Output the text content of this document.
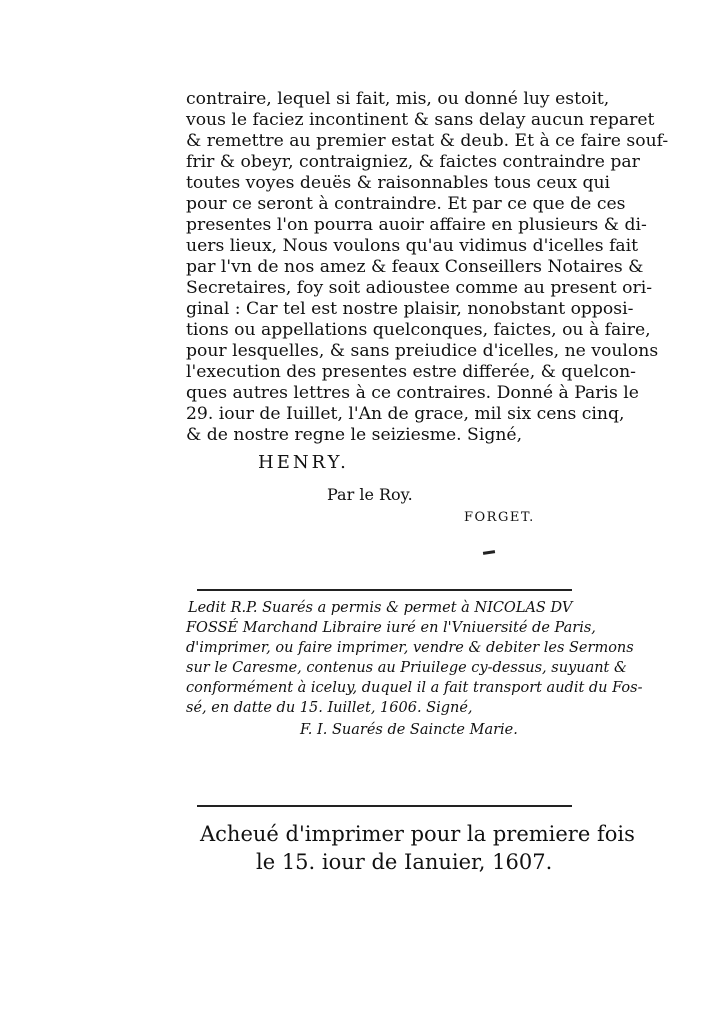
contraire, lequel si fait, mis, ou donné luy estoit,
vous le faciez incontinent & sans delay aucun reparet
& remettre au premier estat & deub. Et à ce faire souf-
frir & obeyr, contraigniez, & faictes contraindre par
toutes voyes deuës & raisonnables tous ceux qui
pour ce seront à contraindre. Et par ce que de ces
presentes l'on pourra auoir affaire en plusieurs & di-
uers lieux, Nous voulons qu'au vidimus d'icelles fait
par l'vn de nos amez & feaux Conseillers Notaires &
Secretaires, foy soit adioustee comme au present ori-
ginal : Car tel est nostre plaisir, nonobstant opposi-
tions ou appellations quelconques, faictes, ou à faire,
pour lesquelles, & sans preiudice d'icelles, ne voulons
l'execution des presentes estre differée, & quelcon-
ques autres lettres à ce contraires. Donné à Paris le
29. iour de Iuillet, l'An de grace, mil six cens cinq,
& de nostre regne le seiziesme. Signé,
HENRY.
Par le Roy.
FORGET.
Ledit R.P. Suarés a permis & permet à NICOLAS DV
FOSSÉ Marchand Libraire iuré en l'Vniuersité de Paris,
d'imprimer, ou faire imprimer, vendre & debiter les Sermons
sur le Caresme, contenus au Priuilege cy-dessus, suyuant &
conformément à iceluy, duquel il a fait transport audit du Fos-
sé, en datte du 15. Iuillet, 1606. Signé,
F. I. Suarés de Saincte Marie.
Acheué d'imprimer pour la premiere fois
le 15. iour de Ianuier, 1607.
